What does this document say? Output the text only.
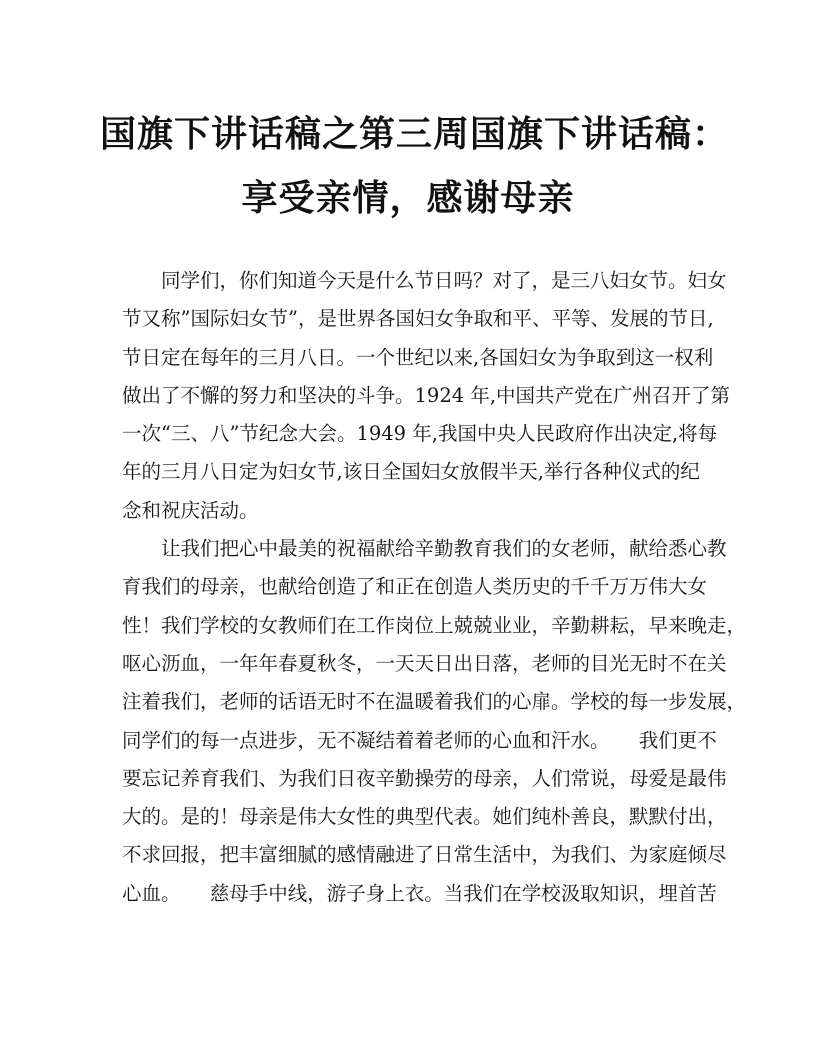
国旗下讲话稿之第三周国旗下讲话稿：
享受亲情，感谢母亲
同学们，你们知道今天是什么节日吗？对了，是三八妇女节。妇女
节又称”国际妇女节”，是世界各国妇女争取和平、平等、发展的节日,
节日定在每年的三月八日。一个世纪以来,各国妇女为争取到这一权利
做出了不懈的努力和坚决的斗争。1924 年,中国共产党在广州召开了第
一次“三、八”节纪念大会。1949 年,我国中央人民政府作出决定,将每
年的三月八日定为妇女节,该日全国妇女放假半天,举行各种仪式的纪
念和祝庆活动。
让我们把心中最美的祝福献给辛勤教育我们的女老师，献给悉心教
育我们的母亲，也献给创造了和正在创造人类历史的千千万万伟大女
性！我们学校的女教师们在工作岗位上兢兢业业，辛勤耕耘，早来晚走，
呕心沥血，一年年春夏秋冬，一天天日出日落，老师的目光无时不在关
注着我们，老师的话语无时不在温暖着我们的心扉。学校的每一步发展，
同学们的每一点进步，无不凝结着着老师的心血和汗水。　　我们更不
要忘记养育我们、为我们日夜辛勤操劳的母亲，人们常说，母爱是最伟
大的。是的！母亲是伟大女性的典型代表。她们纯朴善良，默默付出，
不求回报，把丰富细腻的感情融进了日常生活中，为我们、为家庭倾尽
心血。　　慈母手中线，游子身上衣。当我们在学校汲取知识，埋首苦
